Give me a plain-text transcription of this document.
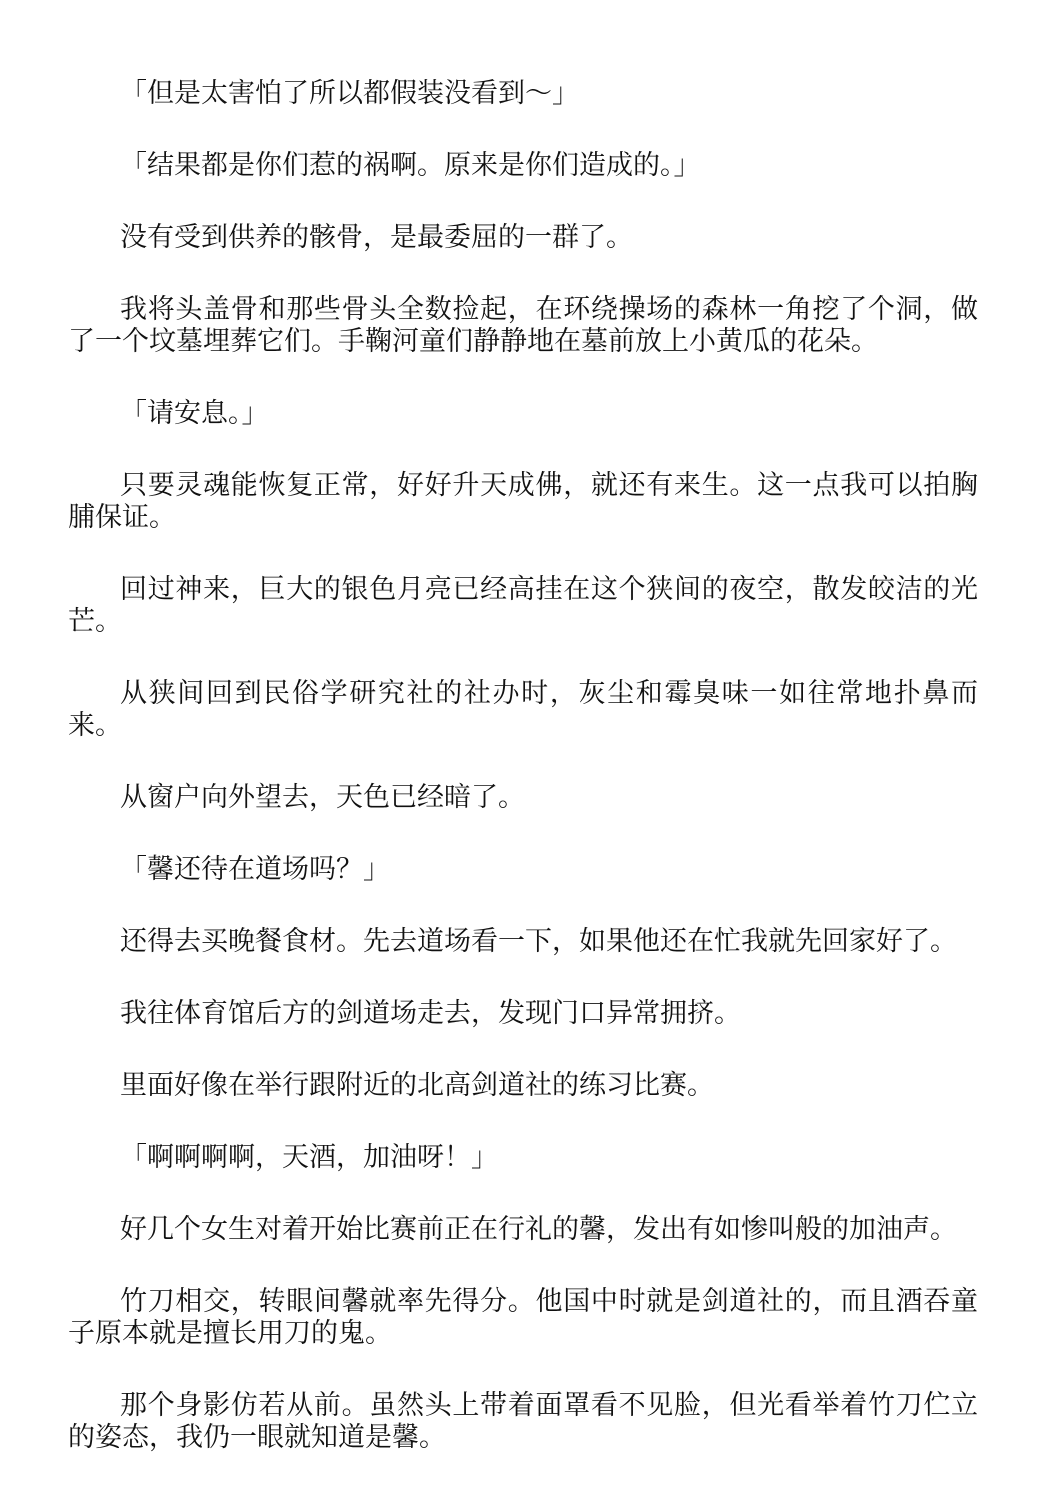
「但是太害怕了所以都假装没看到～」

「结果都是你们惹的祸啊。原来是你们造成的。」

没有受到供养的骸骨，是最委屈的一群了。

我将头盖骨和那些骨头全数捡起，在环绕操场的森林一角挖了个洞，做了一个坟墓埋葬它们。手鞠河童们静静地在墓前放上小黄瓜的花朵。

「请安息。」

只要灵魂能恢复正常，好好升天成佛，就还有来生。这一点我可以拍胸脯保证。

回过神来，巨大的银色月亮已经高挂在这个狭间的夜空，散发皎洁的光芒。

从狭间回到民俗学研究社的社办时，灰尘和霉臭味一如往常地扑鼻而来。

从窗户向外望去，天色已经暗了。

「馨还待在道场吗？」

还得去买晚餐食材。先去道场看一下，如果他还在忙我就先回家好了。

我往体育馆后方的剑道场走去，发现门口异常拥挤。

里面好像在举行跟附近的北高剑道社的练习比赛。

「啊啊啊啊，天酒，加油呀！」

好几个女生对着开始比赛前正在行礼的馨，发出有如惨叫般的加油声。

竹刀相交，转眼间馨就率先得分。他国中时就是剑道社的，而且酒吞童子原本就是擅长用刀的鬼。

那个身影仿若从前。虽然头上带着面罩看不见脸，但光看举着竹刀伫立的姿态，我仍一眼就知道是馨。
